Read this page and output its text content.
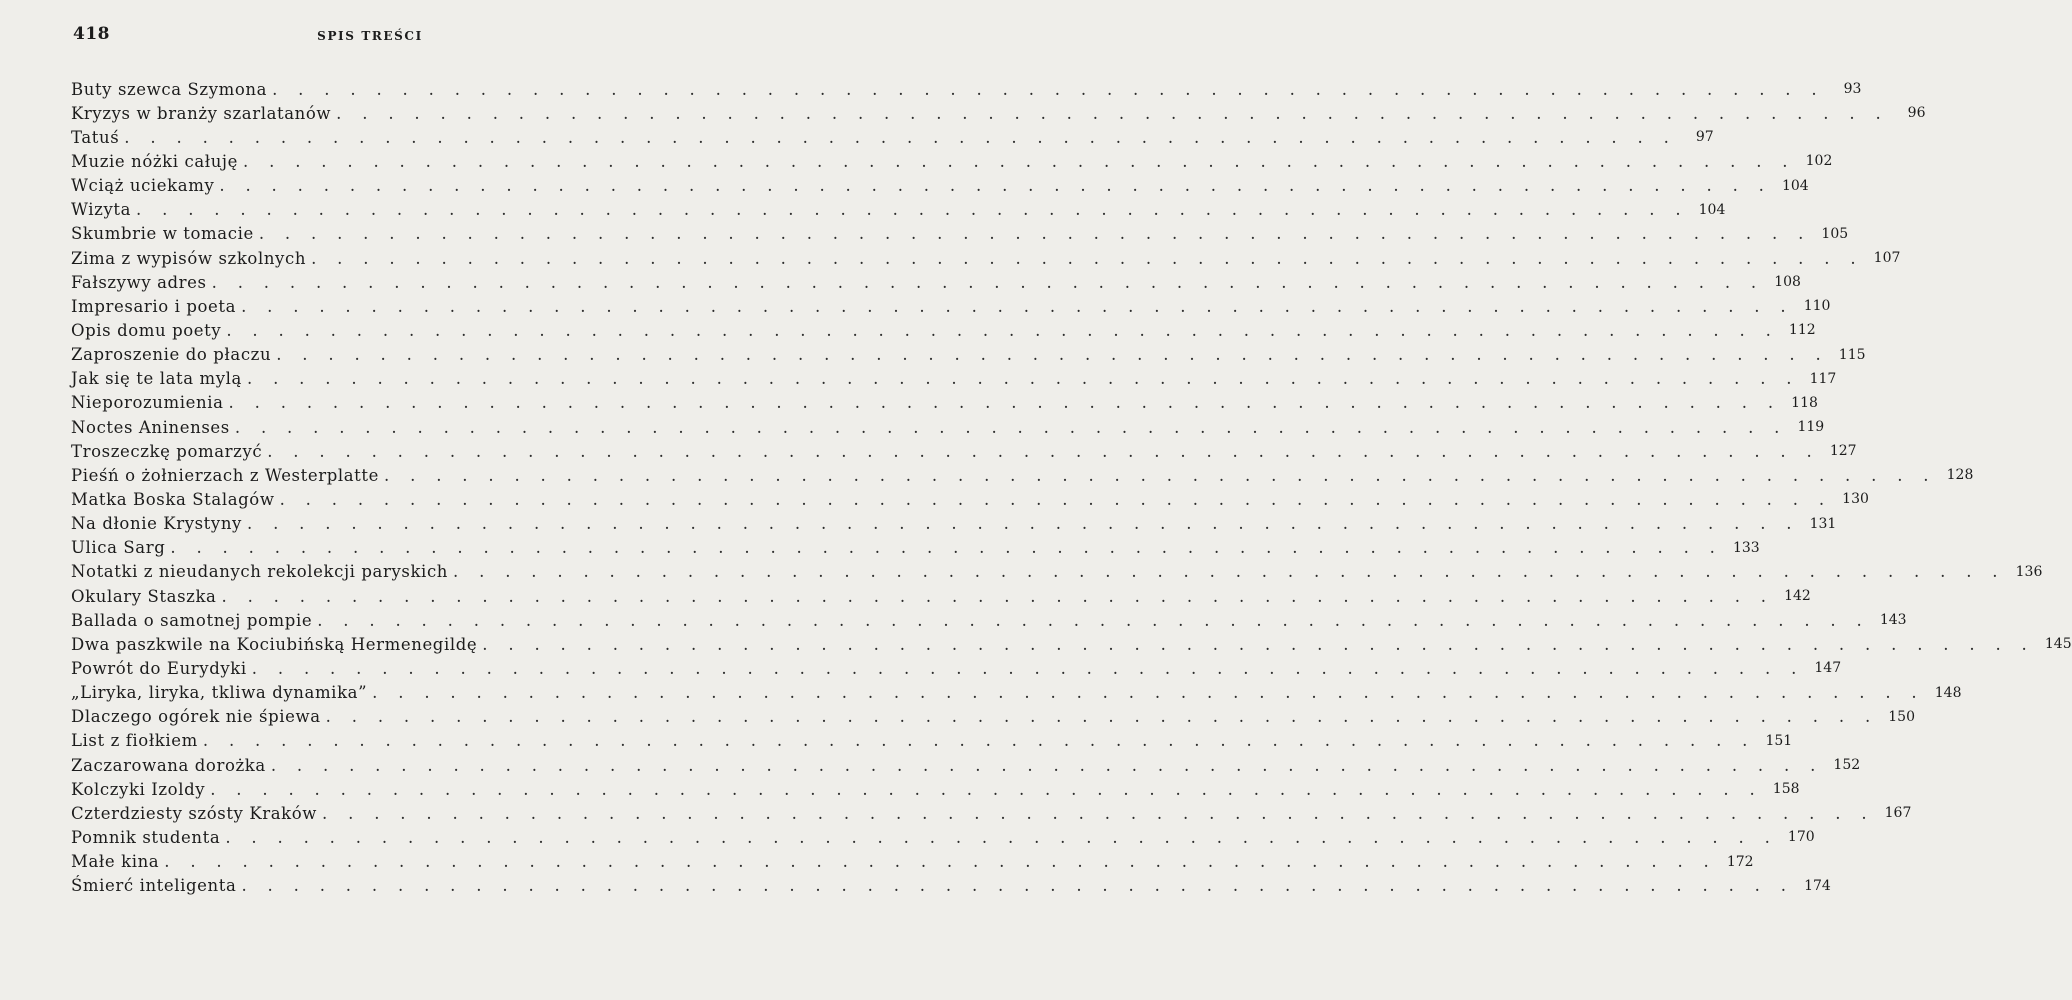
418	SPIS TREŚCI
Buty szewca Szymona . . . . . . . . . . . . . . . . . . . . . . . . . . . . . . . . . . . . . . . . . . . . . . . . . . . . . . . . . . . .	93
Kryzys w branży szarlatanów . . . . . . . . . . . . . . . . . . . . . . . . . . . . . . . . . . . . . . . . . . . . . . . . . . . . . . . . . . . .	96
Tatuś . . . . . . . . . . . . . . . . . . . . . . . . . . . . . . . . . . . . . . . . . . . . . . . . . . . . . . . . . . . .	97
Muzie nóżki całuję . . . . . . . . . . . . . . . . . . . . . . . . . . . . . . . . . . . . . . . . . . . . . . . . . . . . . . . . . . . . 102
Wciąż uciekamy . . . . . . . . . . . . . . . . . . . . . . . . . . . . . . . . . . . . . . . . . . . . . . . . . . . . . . . . . . . . 104
Wizyta . . . . . . . . . . . . . . . . . . . . . . . . . . . . . . . . . . . . . . . . . . . . . . . . . . . . . . . . . . . . 104
Skumbrie w tomacie . . . . . . . . . . . . . . . . . . . . . . . . . . . . . . . . . . . . . . . . . . . . . . . . . . . . . . . . . . . . 105
Zima z wypisów szkolnych . . . . . . . . . . . . . . . . . . . . . . . . . . . . . . . . . . . . . . . . . . . . . . . . . . . . . . . . . . . . 107
Fałszywy adres . . . . . . . . . . . . . . . . . . . . . . . . . . . . . . . . . . . . . . . . . . . . . . . . . . . . . . . . . . . . 108
Impresario i poeta . . . . . . . . . . . . . . . . . . . . . . . . . . . . . . . . . . . . . . . . . . . . . . . . . . . . . . . . . . . . 110
Opis domu poety . . . . . . . . . . . . . . . . . . . . . . . . . . . . . . . . . . . . . . . . . . . . . . . . . . . . . . . . . . . . 112
Zaproszenie do płaczu . . . . . . . . . . . . . . . . . . . . . . . . . . . . . . . . . . . . . . . . . . . . . . . . . . . . . . . . . . . . 115
Jak się te lata mylą . . . . . . . . . . . . . . . . . . . . . . . . . . . . . . . . . . . . . . . . . . . . . . . . . . . . . . . . . . . . 117
Nieporozumienia . . . . . . . . . . . . . . . . . . . . . . . . . . . . . . . . . . . . . . . . . . . . . . . . . . . . . . . . . . . . 118
Noctes Aninenses . . . . . . . . . . . . . . . . . . . . . . . . . . . . . . . . . . . . . . . . . . . . . . . . . . . . . . . . . . . . 119
Troszeczkę pomarzyć . . . . . . . . . . . . . . . . . . . . . . . . . . . . . . . . . . . . . . . . . . . . . . . . . . . . . . . . . . . . 127
Pieśń o żołnierzach z Westerplatte . . . . . . . . . . . . . . . . . . . . . . . . . . . . . . . . . . . . . . . . . . . . . . . . . . . . . . . . . . . . 128
Matka Boska Stalagów . . . . . . . . . . . . . . . . . . . . . . . . . . . . . . . . . . . . . . . . . . . . . . . . . . . . . . . . . . . . 130
Na dłonie Krystyny . . . . . . . . . . . . . . . . . . . . . . . . . . . . . . . . . . . . . . . . . . . . . . . . . . . . . . . . . . . . 131
Ulica Sarg . . . . . . . . . . . . . . . . . . . . . . . . . . . . . . . . . . . . . . . . . . . . . . . . . . . . . . . . . . . . 133
Notatki z nieudanych rekolekcji paryskich . . . . . . . . . . . . . . . . . . . . . . . . . . . . . . . . . . . . . . . . . . . . . . . . . . . . . . . . . . . . 136
Okulary Staszka . . . . . . . . . . . . . . . . . . . . . . . . . . . . . . . . . . . . . . . . . . . . . . . . . . . . . . . . . . . . 142
Ballada o samotnej pompie . . . . . . . . . . . . . . . . . . . . . . . . . . . . . . . . . . . . . . . . . . . . . . . . . . . . . . . . . . . . 143
Dwa paszkwile na Kociubińską Hermenegildę . . . . . . . . . . . . . . . . . . . . . . . . . . . . . . . . . . . . . . . . . . . . . . . . . . . . . . . . . . . . 145
Powrót do Eurydyki . . . . . . . . . . . . . . . . . . . . . . . . . . . . . . . . . . . . . . . . . . . . . . . . . . . . . . . . . . . . 147
„Liryka, liryka, tkliwa dynamika” . . . . . . . . . . . . . . . . . . . . . . . . . . . . . . . . . . . . . . . . . . . . . . . . . . . . . . . . . . . . 148
Dlaczego ogórek nie śpiewa . . . . . . . . . . . . . . . . . . . . . . . . . . . . . . . . . . . . . . . . . . . . . . . . . . . . . . . . . . . . 150
List z fiołkiem . . . . . . . . . . . . . . . . . . . . . . . . . . . . . . . . . . . . . . . . . . . . . . . . . . . . . . . . . . . . 151
Zaczarowana dorożka . . . . . . . . . . . . . . . . . . . . . . . . . . . . . . . . . . . . . . . . . . . . . . . . . . . . . . . . . . . . 152
Kolczyki Izoldy . . . . . . . . . . . . . . . . . . . . . . . . . . . . . . . . . . . . . . . . . . . . . . . . . . . . . . . . . . . . 158
Czterdziesty szósty Kraków . . . . . . . . . . . . . . . . . . . . . . . . . . . . . . . . . . . . . . . . . . . . . . . . . . . . . . . . . . . . 167
Pomnik studenta . . . . . . . . . . . . . . . . . . . . . . . . . . . . . . . . . . . . . . . . . . . . . . . . . . . . . . . . . . . . 170
Małe kina . . . . . . . . . . . . . . . . . . . . . . . . . . . . . . . . . . . . . . . . . . . . . . . . . . . . . . . . . . . . 172
Śmierć inteligenta . . . . . . . . . . . . . . . . . . . . . . . . . . . . . . . . . . . . . . . . . . . . . . . . . . . . . . . . . . . . 174
